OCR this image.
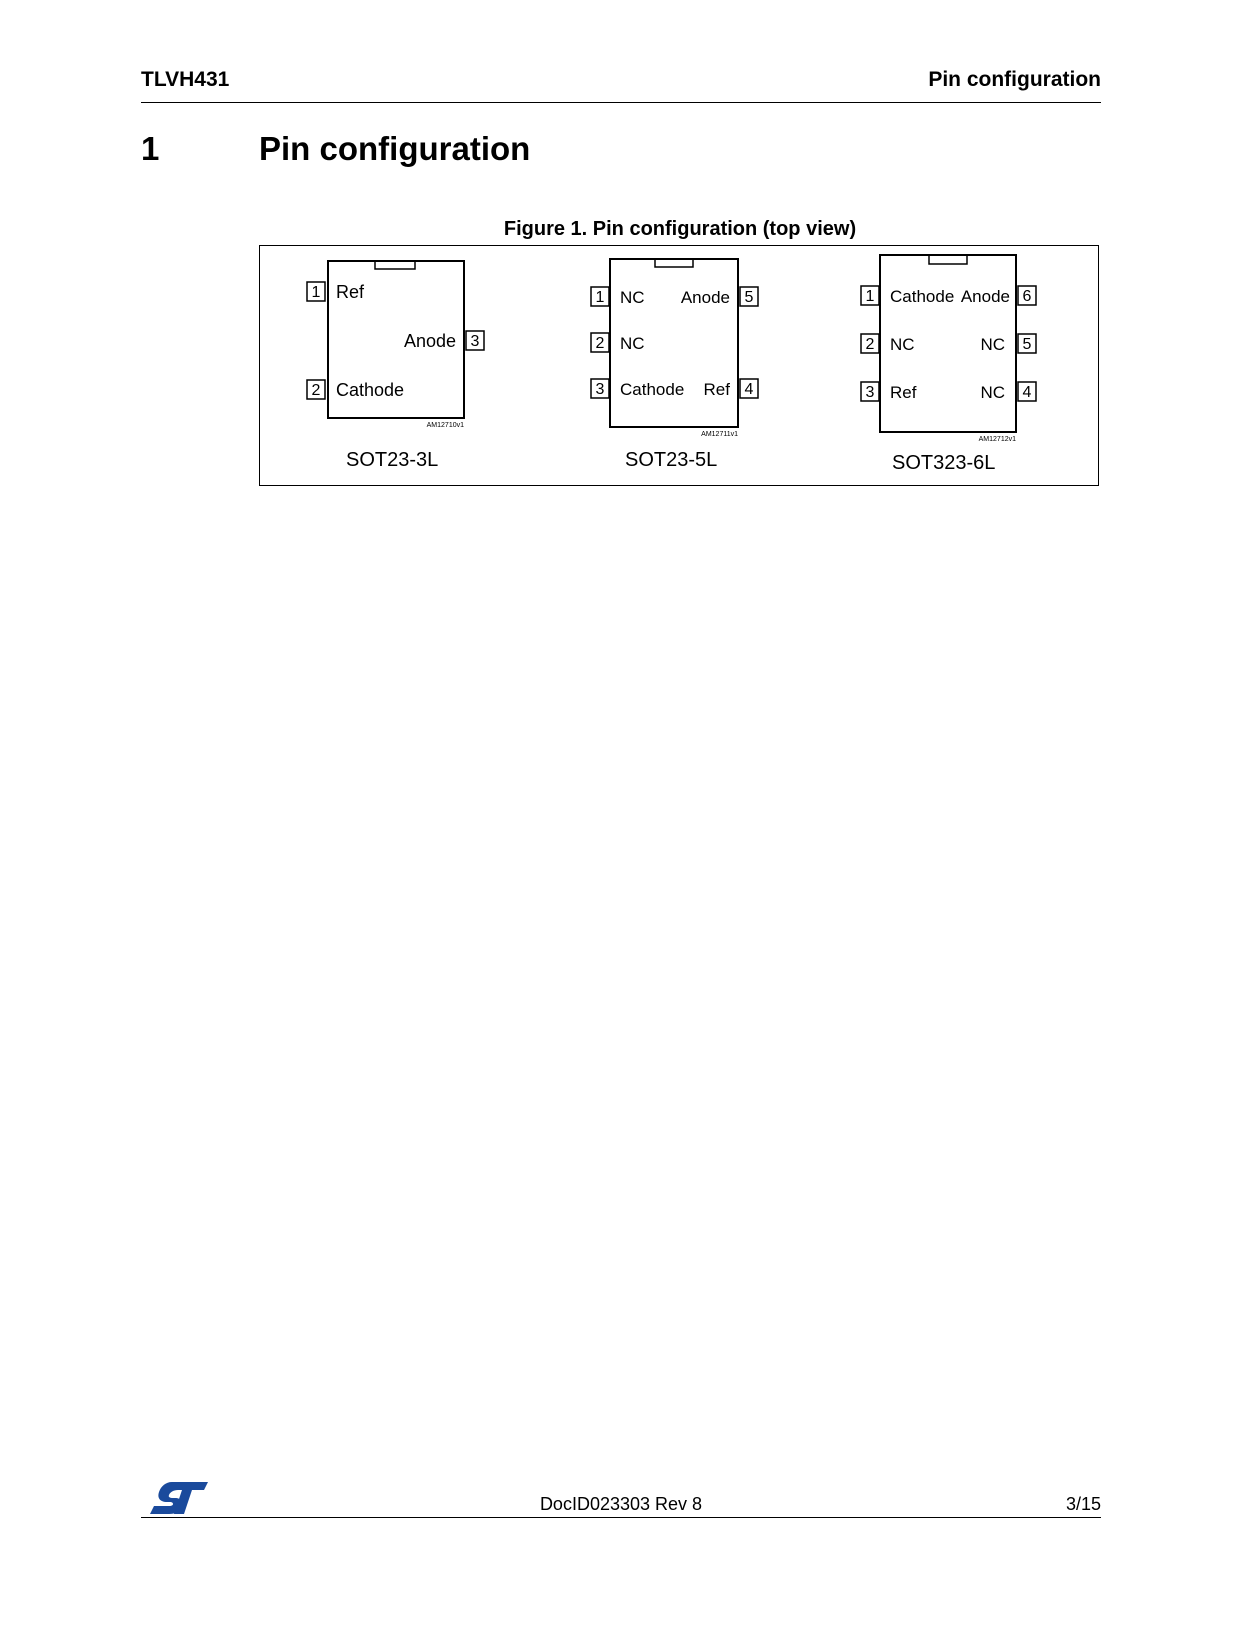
TLVH431	Pin configuration
1	Pin configuration
Figure 1. Pin configuration (top view)
1 Ref
2 Cathode
3
Anode
AM12710v1
SOT23-3L
1 NC
2 NC
3 Cathode	4
Ref
5
Anode
AM12711v1
SOT23-5L
1 Cathode
2 NC
3 Ref	4
NC
5
NC
6
Anode
AM12712v1
SOT323-6L
DocID023303 Rev 8	3/15
